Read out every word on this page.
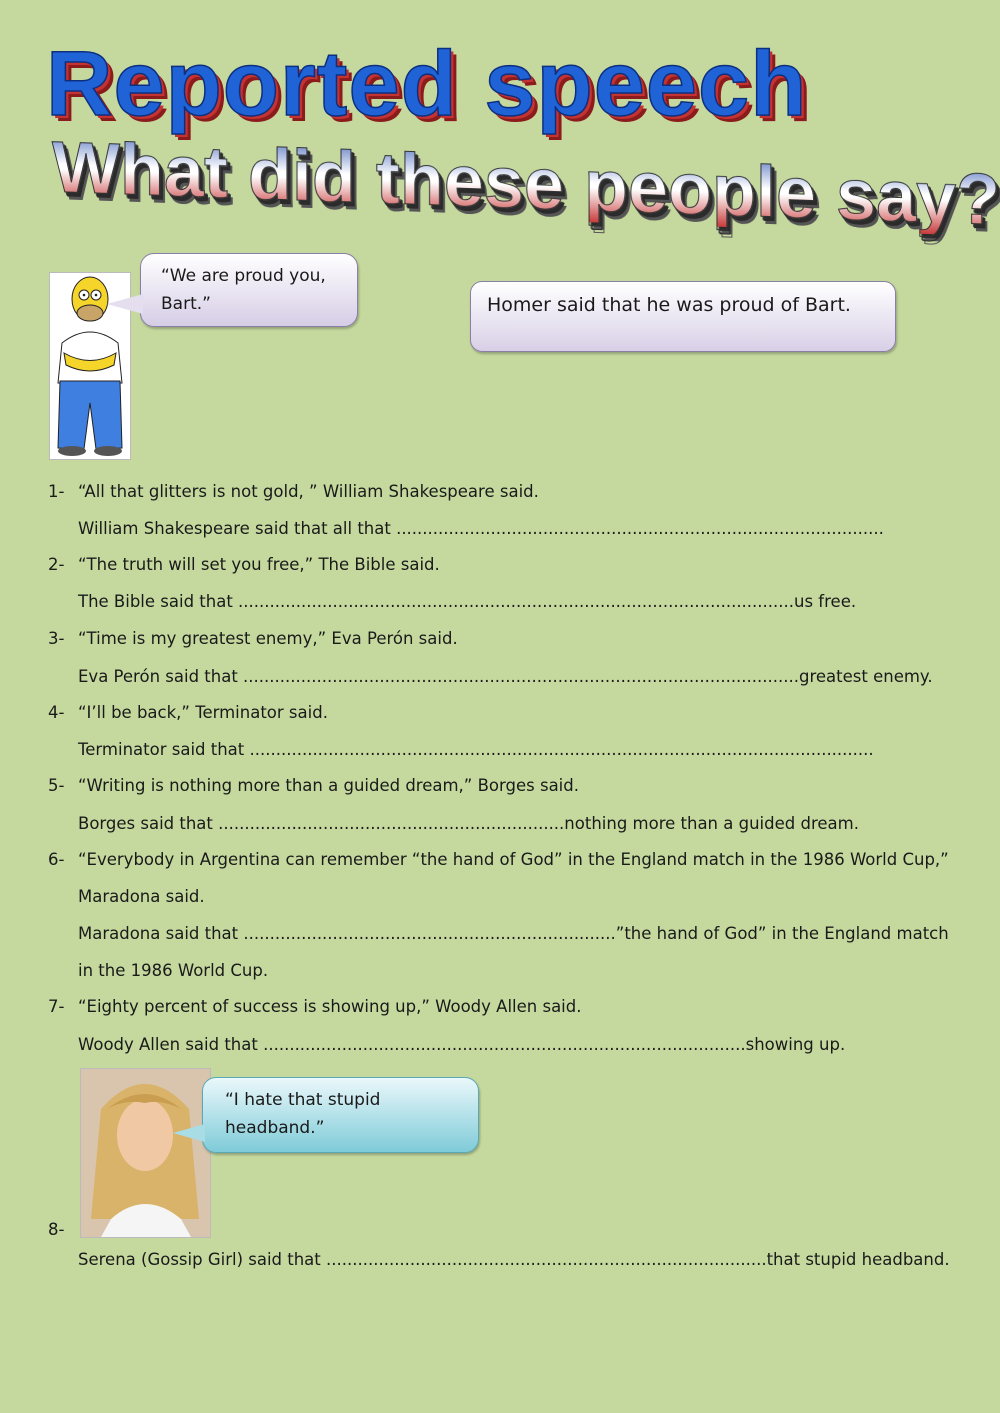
Reported speech
What did these people say?
“We are proud you, Bart.”	Homer said that he was proud of Bart.
1- “All that glitters is not gold, ” William Shakespeare said.
William Shakespeare said that all that .............................................................................................
2- “The truth will set you free,” The Bible said.
The Bible said that ..........................................................................................................us free.
3- “Time is my greatest enemy,” Eva Perón said.
Eva Perón said that ..........................................................................................................greatest enemy.
4- “I’ll be back,” Terminator said.
Terminator said that .......................................................................................................................
5- “Writing is nothing more than a guided dream,” Borges said.
Borges said that ..................................................................nothing more than a guided dream.
6- “Everybody in Argentina can remember “the hand of God” in the England match in the 1986 World Cup,”
Maradona said.
Maradona said that .......................................................................”the hand of God” in the England match
in the 1986 World Cup.
7- “Eighty percent of success is showing up,” Woody Allen said.
Woody Allen said that ............................................................................................showing up.
“I hate that stupid headband.”
8-
Serena (Gossip Girl) said that ....................................................................................that stupid headband.
